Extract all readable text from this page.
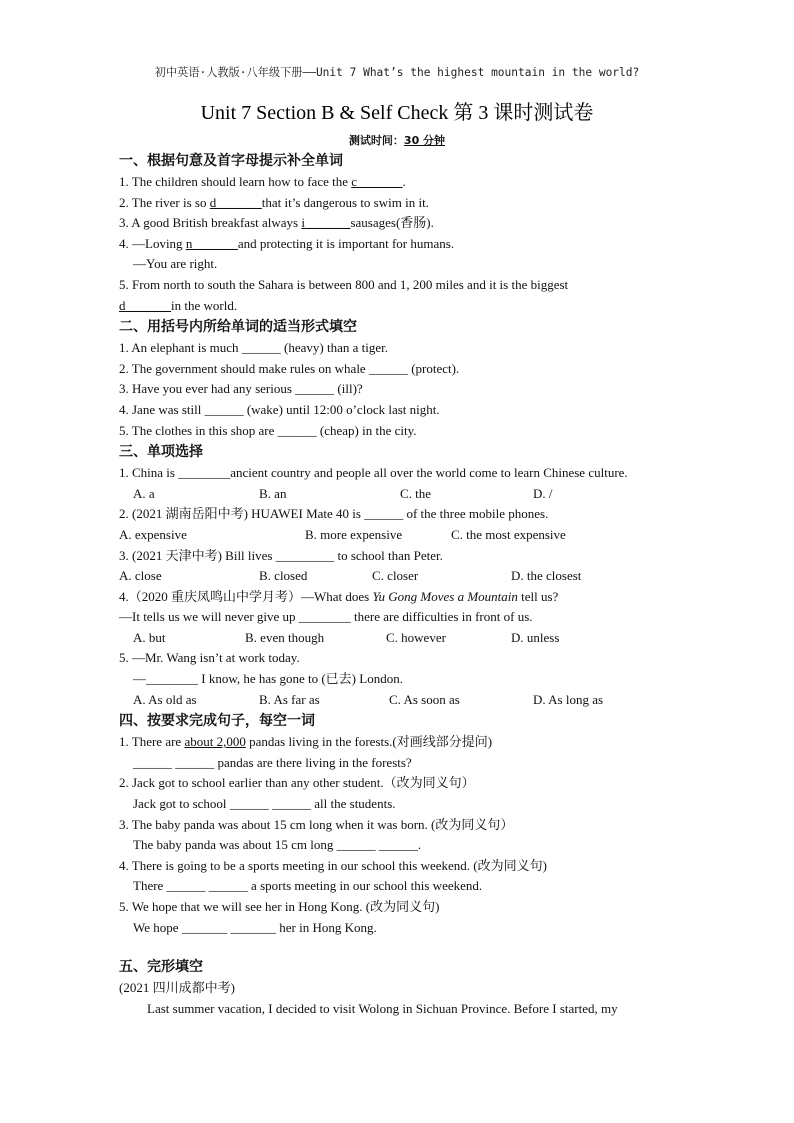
初中英语·人教版·八年级下册——Unit 7 What’s the highest mountain in the world?
Unit 7 Section B & Self Check 第 3 课时测试卷
测试时间：30 分钟
一、根据句意及首字母提示补全单词
1. The children should learn how to face the c_______.
2. The river is so d_______that it’s dangerous to swim in it.
3. A good British breakfast always i_______sausages(香肠).
4. —Loving n_______and protecting it is important for humans.
—You are right.
5. From north to south the Sahara is between 800 and 1, 200 miles and it is the biggest
d_______in the world.
二、用括号内所给单词的适当形式填空
1. An elephant is much ______ (heavy) than a tiger.
2. The government should make rules on whale ______ (protect).
3. Have you ever had any serious ______ (ill)?
4. Jane was still ______ (wake) until 12:00 o’clock last night.
5. The clothes in this shop are ______ (cheap) in the city.
三、单项选择
1. China is ________ancient country and people all over the world come to learn Chinese culture.

A. a

	B. an

	C. the

	D. /

2. (2021 湖南岳阳中考) HUAWEI Mate 40 is ______ of the three mobile phones.

A. expensive

	B. more expensive

	C. the most expensive

3. (2021 天津中考) Bill lives _________ to school than Peter.

A. close

	B. closed

	C. closer

	D. the closest

4.（2020 重庆凤鸣山中学月考）—What does Yu Gong Moves a Mountain tell us?
—It tells us we will never give up ________ there are difficulties in front of us.

A. but

	B. even though

	C. however

	D. unless

5. —Mr. Wang isn’t at work today.
—________ I know, he has gone to (已去) London.

A. As old as

	B. As far as

	C. As soon as

	D. As long as

四、按要求完成句子，每空一词
1. There are about 2,000 pandas living in the forests.(对画线部分提问)
______ ______ pandas are there living in the forests?
2. Jack got to school earlier than any other student.（改为同义句）
Jack got to school ______ ______ all the students.
3. The baby panda was about 15 cm long when it was born. (改为同义句）
The baby panda was about 15 cm long ______ ______.
4. There is going to be a sports meeting in our school this weekend. (改为同义句)
There ______ ______ a sports meeting in our school this weekend.
5. We hope that we will see her in Hong Kong. (改为同义句)
We hope _______ _______ her in Hong Kong.
五、完形填空
(2021 四川成都中考)
Last summer vacation, I decided to visit Wolong in Sichuan Province. Before I started, my
